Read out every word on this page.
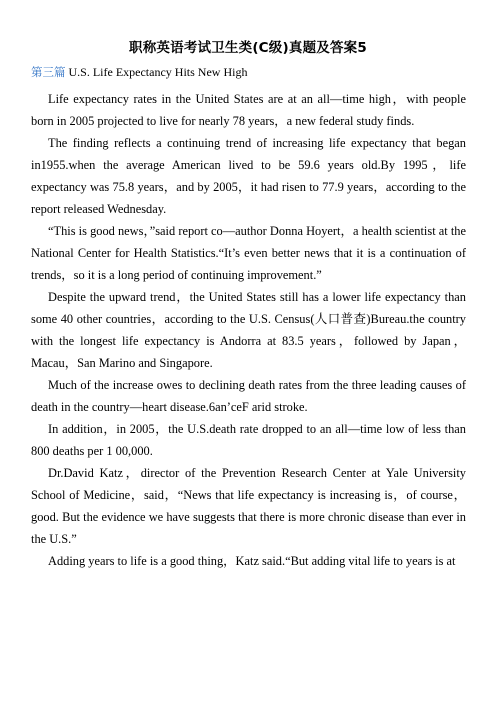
职称英语考试卫生类(C级)真题及答案5
第三篇 U.S. Life Expectancy Hits New High

Life expectancy rates in the United States are at an all—time high，with people born in 2005 projected to live for nearly 78 years，a new federal study finds.

The finding reflects a continuing trend of increasing life expectancy that began in1955.when the average American lived to be 59.6 years old.By 1995，life expectancy was 75.8 years，and by 2005，it had risen to 77.9 years，according to the report released Wednesday.

“This is good news，”said report co—author Donna Hoyert，a health scientist at the National Center for Health Statistics.“It’s even better news that it is a continuation of trends，so it is a long period of continuing improvement.”

Despite the upward trend，the United States still has a lower life expectancy than some 40 other countries，according to the U.S. Census(人口普查)Bureau.the country with the longest life expectancy is Andorra at 83.5 years，followed by Japan，Macau，San Marino and Singapore.

Much of the increase owes to declining death rates from the three leading causes of death in the country—heart disease.6an’ceF arid stroke.

In addition，in 2005，the U.S.death rate dropped to an all—time low of less than 800 deaths per 1 00,000.

Dr.David Katz，director of the Prevention Research Center at Yale University School of Medicine，said，“News that life expectancy is increasing is，of course，good. But the evidence we have suggests that there is more chronic disease than ever in the U.S.”

Adding years to life is a good thing，Katz said.“But adding vital life to years is at
